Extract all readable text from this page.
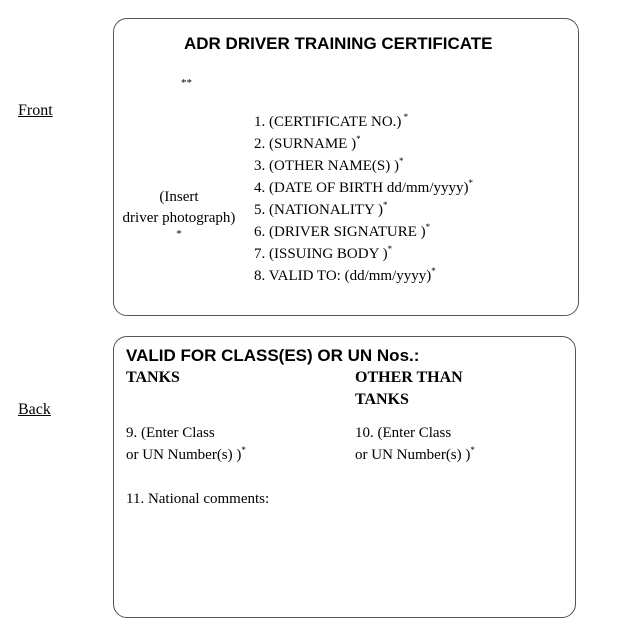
Front
Back
ADR DRIVER TRAINING CERTIFICATE
**
(Insert
driver photograph)
*
1. (CERTIFICATE NO.) *
2. (SURNAME )*
3. (OTHER NAME(S) )*
4. (DATE OF BIRTH dd/mm/yyyy)*
5. (NATIONALITY )*
6. (DRIVER SIGNATURE )*
7. (ISSUING BODY )*
8. VALID TO: (dd/mm/yyyy)*
VALID FOR CLASS(ES) OR UN Nos.:
TANKS	OTHER THAN
TANKS
9. (Enter Class
or UN Number(s) )*
10. (Enter Class
or UN Number(s) )*
11. National comments:
